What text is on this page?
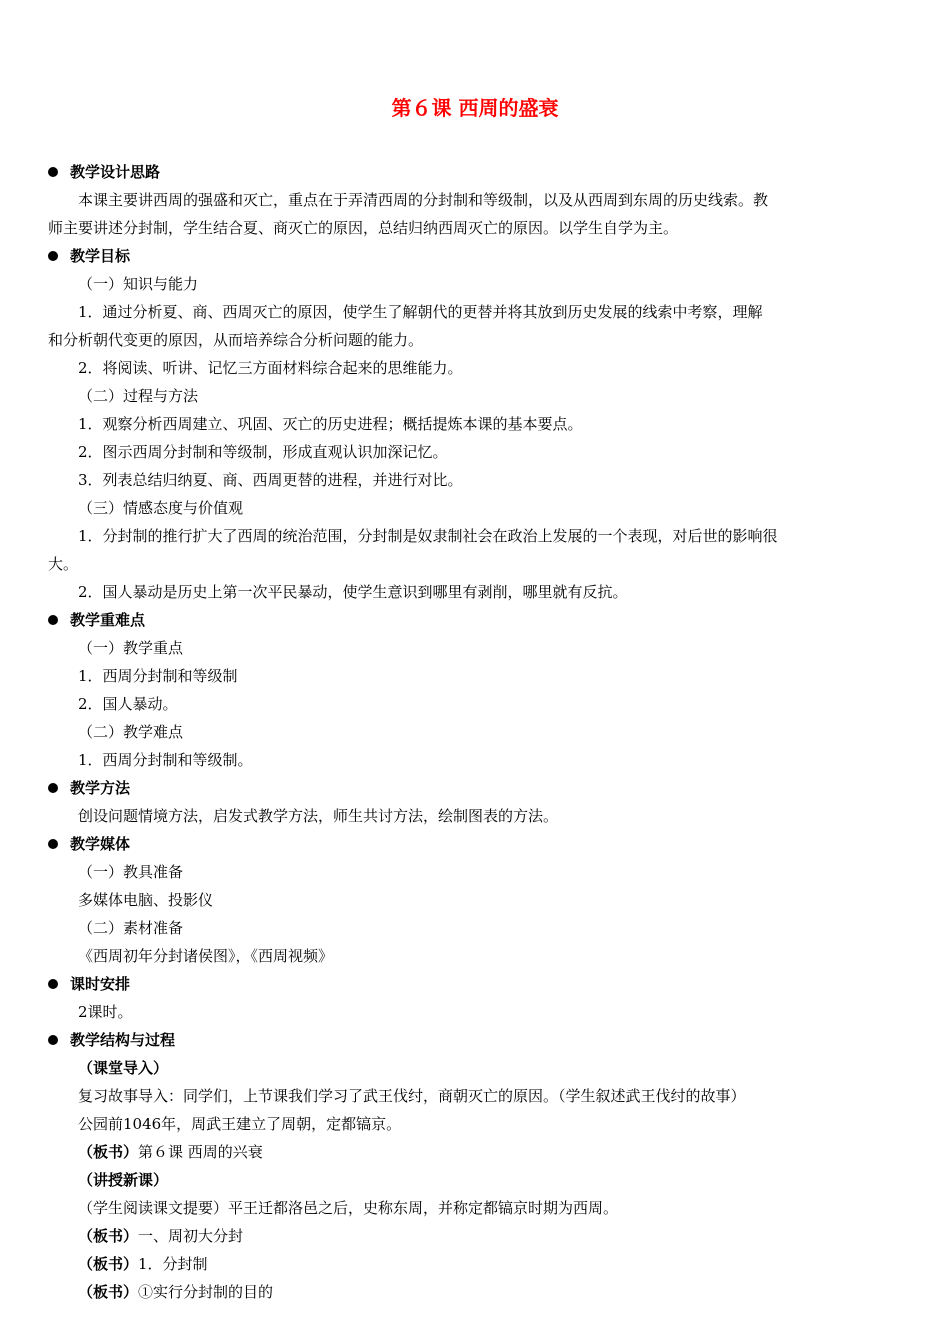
第６课 西周的盛衰
教学设计思路
本课主要讲西周的强盛和灭亡，重点在于弄清西周的分封制和等级制，以及从西周到东周的历史线索。教
师主要讲述分封制，学生结合夏、商灭亡的原因，总结归纳西周灭亡的原因。以学生自学为主。
教学目标
（一）知识与能力
1．通过分析夏、商、西周灭亡的原因，使学生了解朝代的更替并将其放到历史发展的线索中考察，理解
和分析朝代变更的原因，从而培养综合分析问题的能力。
2．将阅读、听讲、记忆三方面材料综合起来的思维能力。
（二）过程与方法
1．观察分析西周建立、巩固、灭亡的历史进程；概括提炼本课的基本要点。
2．图示西周分封制和等级制，形成直观认识加深记忆。
3．列表总结归纳夏、商、西周更替的进程，并进行对比。
（三）情感态度与价值观
1．分封制的推行扩大了西周的统治范围，分封制是奴隶制社会在政治上发展的一个表现，对后世的影响很
大。
2．国人暴动是历史上第一次平民暴动，使学生意识到哪里有剥削，哪里就有反抗。
教学重难点
（一）教学重点
1．西周分封制和等级制
2．国人暴动。
（二）教学难点
1．西周分封制和等级制。
教学方法
创设问题情境方法，启发式教学方法，师生共讨方法，绘制图表的方法。
教学媒体
（一）教具准备
多媒体电脑、投影仪
（二）素材准备
《西周初年分封诸侯图》，《西周视频》
课时安排
2课时。
教学结构与过程
（课堂导入）
复习故事导入：同学们，上节课我们学习了武王伐纣，商朝灭亡的原因。（学生叙述武王伐纣的故事）
公园前1046年，周武王建立了周朝，定都镐京。
（板书）第６课 西周的兴衰
（讲授新课）
（学生阅读课文提要）平王迁都洛邑之后，史称东周，并称定都镐京时期为西周。
（板书）一、周初大分封
（板书）1．分封制
（板书）①实行分封制的目的
